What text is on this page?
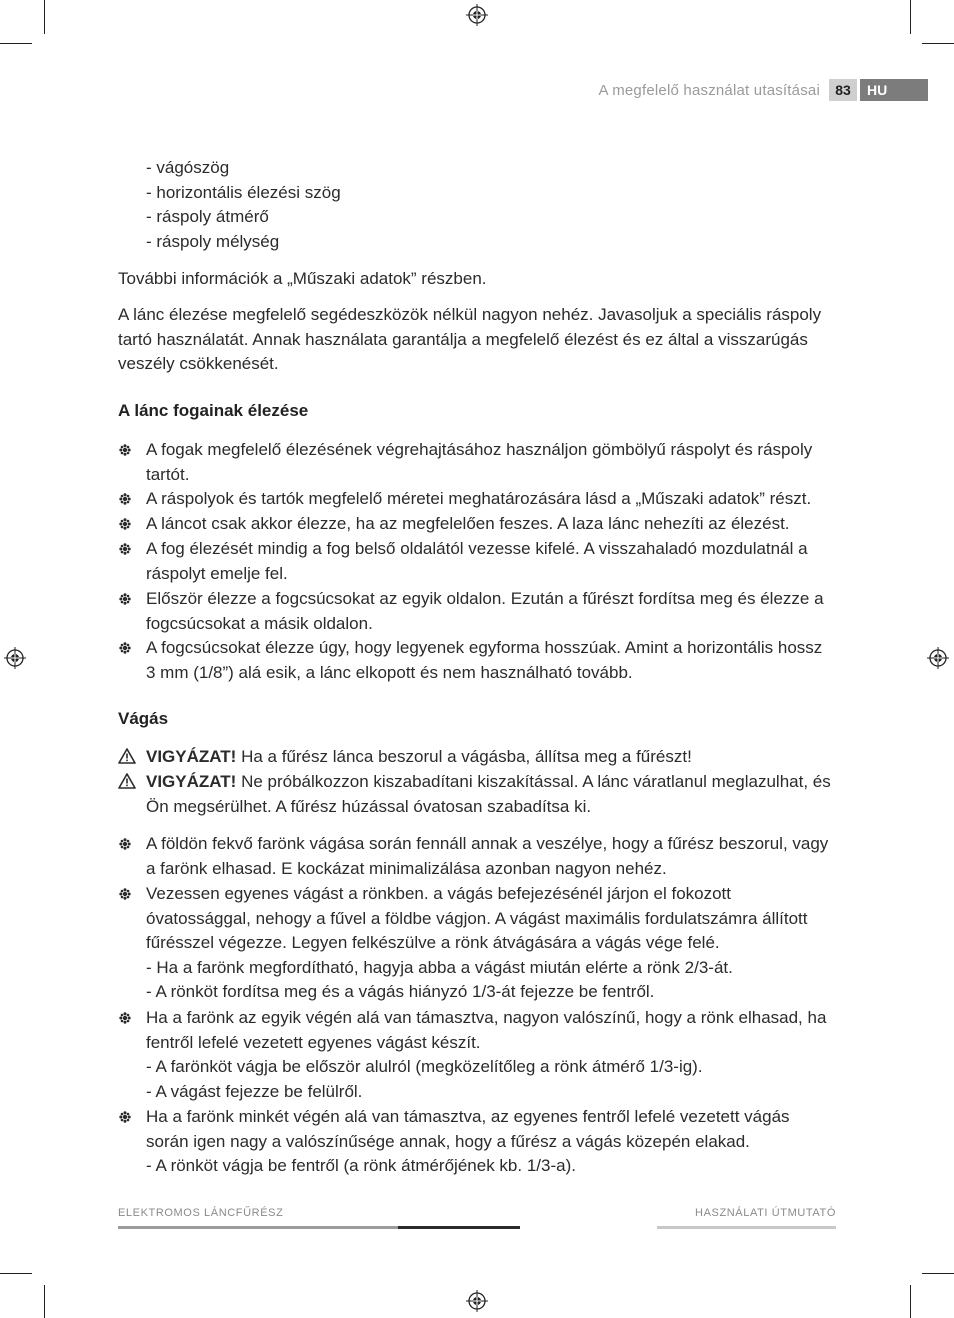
A megfelelő használat utasításai	83	HU
- vágószög
- horizontális élezési szög
- ráspoly átmérő
- ráspoly mélység
További információk a „Műszaki adatok” részben.
A lánc élezése megfelelő segédeszközök nélkül nagyon nehéz. Javasoljuk a speciális ráspoly tartó használatát. Annak használata garantálja a megfelelő élezést és ez által a visszarúgás veszély csökkenését.
A lánc fogainak élezése
A fogak megfelelő élezésének végrehajtásához használjon gömbölyű ráspolyt és ráspoly tartót.
A ráspolyok és tartók megfelelő méretei meghatározására lásd a „Műszaki adatok” részt.
A láncot csak akkor élezze, ha az megfelelően feszes. A laza lánc nehezíti az élezést.
A fog élezését mindig a fog belső oldalától vezesse kifelé. A visszahaladó mozdulatnál a ráspolyt emelje fel.
Először élezze a fogcsúcsokat az egyik oldalon. Ezután a fűrészt fordítsa meg és élezze a fogcsúcsokat a másik oldalon.
A fogcsúcsokat élezze úgy, hogy legyenek egyforma hosszúak. Amint a horizontális hossz 3 mm (1/8”) alá esik, a lánc elkopott és nem használható tovább.
Vágás
VIGYÁZAT! Ha a fűrész lánca beszorul a vágásba, állítsa meg a fűrészt!
VIGYÁZAT! Ne próbálkozzon kiszabadítani kiszakítással. A lánc váratlanul meglazulhat, és Ön megsérülhet. A fűrész húzással óvatosan szabadítsa ki.
A földön fekvő farönk vágása során fennáll annak a veszélye, hogy a fűrész beszorul, vagy a farönk elhasad. E kockázat minimalizálása azonban nagyon nehéz.
Vezessen egyenes vágást a rönkben. a vágás befejezésénél járjon el fokozott óvatossággal, nehogy a fűvel a földbe vágjon. A vágást maximális fordulatszámra állított fűrésszel végezze. Legyen felkészülve a rönk átvágására a vágás vége felé.
- Ha a farönk megfordítható, hagyja abba a vágást miután elérte a rönk 2/3-át.
- A rönköt fordítsa meg és a vágás hiányzó 1/3-át fejezze be fentről.
Ha a farönk az egyik végén alá van támasztva, nagyon valószínű, hogy a rönk elhasad, ha fentről lefelé vezetett egyenes vágást készít.
- A farönköt vágja be először alulról (megközelítőleg a rönk átmérő 1/3-ig).
- A vágást fejezze be felülről.
Ha a farönk minkét végén alá van támasztva, az egyenes fentről lefelé vezetett vágás során igen nagy a valószínűsége annak, hogy a fűrész a vágás közepén elakad.
- A rönköt vágja be fentről (a rönk átmérőjének kb. 1/3-a).
ELEKTROMOS LÁNCFŰRÉSZ	HASZNÁLATI ÚTMUTATÓ
